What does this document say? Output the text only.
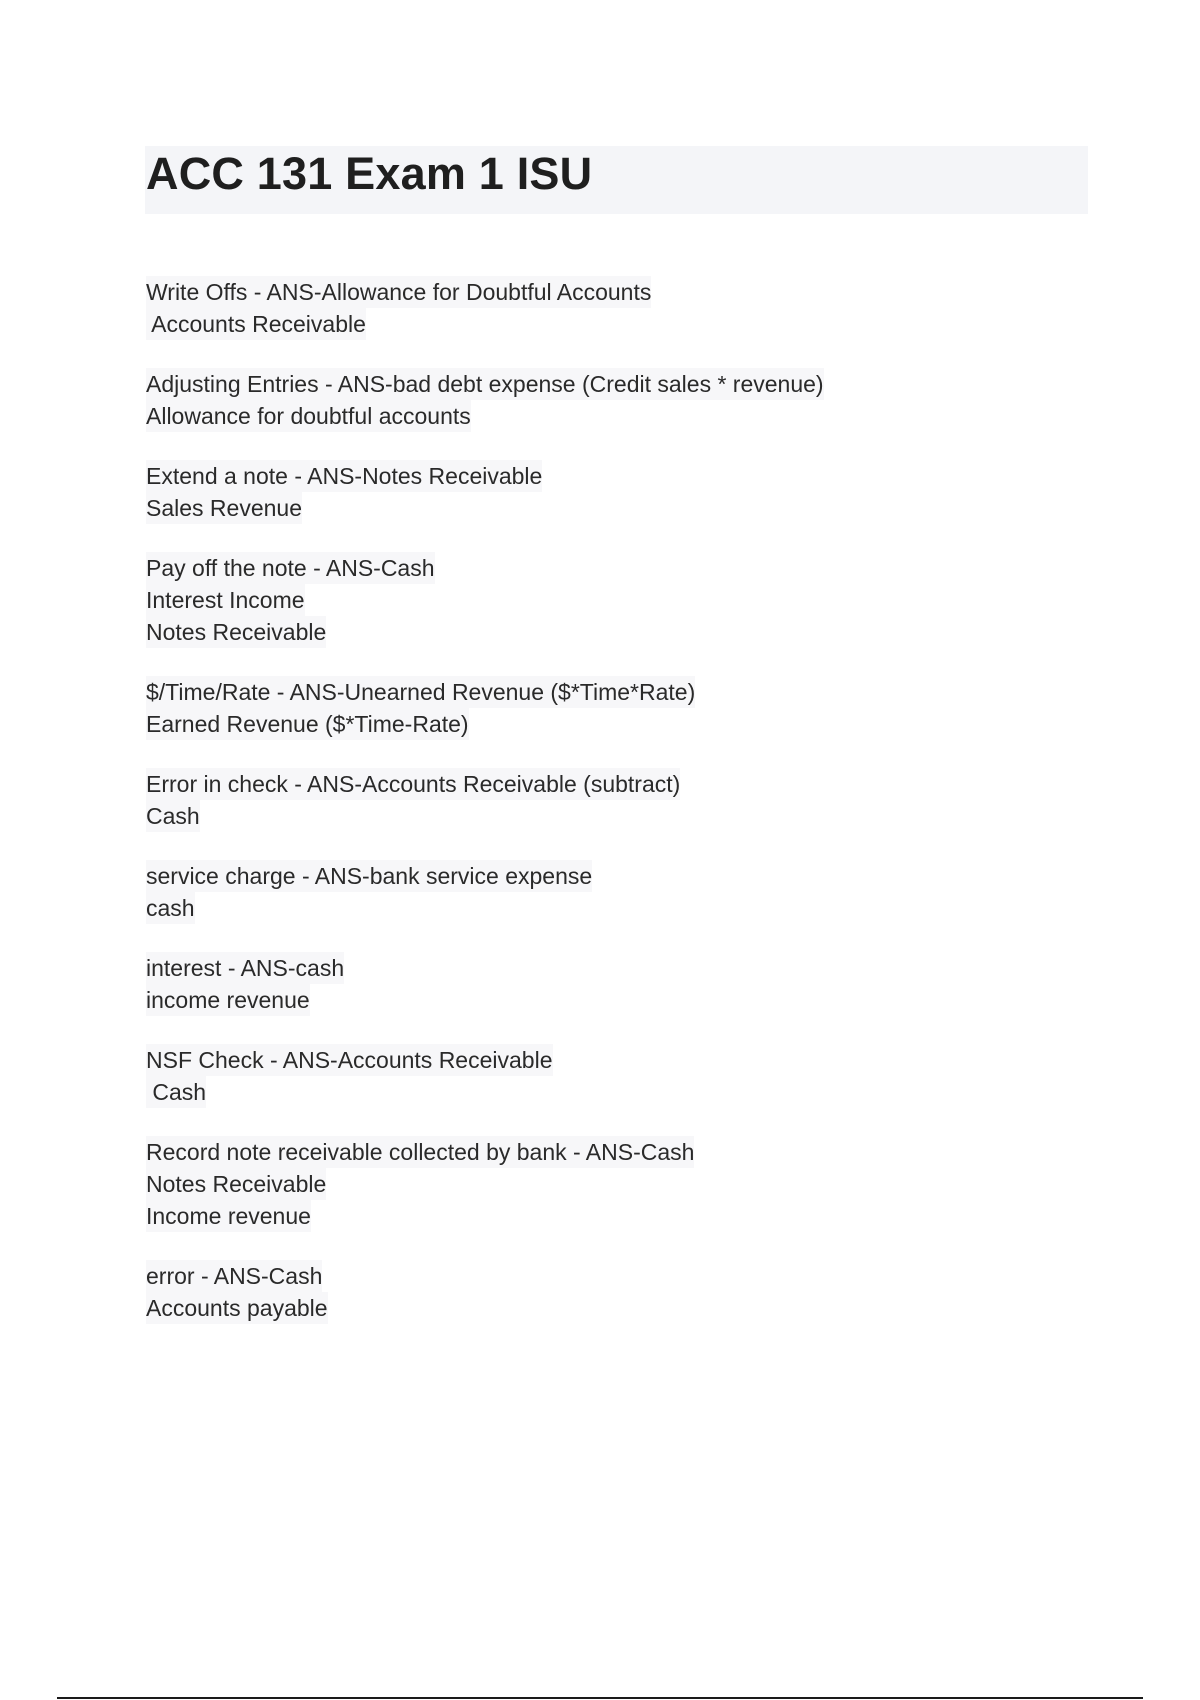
ACC 131 Exam 1 ISU
Write Offs - ANS-Allowance for Doubtful Accounts
Accounts Receivable
Adjusting Entries - ANS-bad debt expense (Credit sales * revenue)
Allowance for doubtful accounts
Extend a note - ANS-Notes Receivable
Sales Revenue
Pay off the note - ANS-Cash
Interest Income
Notes Receivable
$/Time/Rate - ANS-Unearned Revenue ($*Time*Rate)
Earned Revenue ($*Time-Rate)
Error in check - ANS-Accounts Receivable (subtract)
Cash
service charge - ANS-bank service expense
cash
interest - ANS-cash
income revenue
NSF Check - ANS-Accounts Receivable
Cash
Record note receivable collected by bank - ANS-Cash
Notes Receivable
Income revenue
error - ANS-Cash
Accounts payable
